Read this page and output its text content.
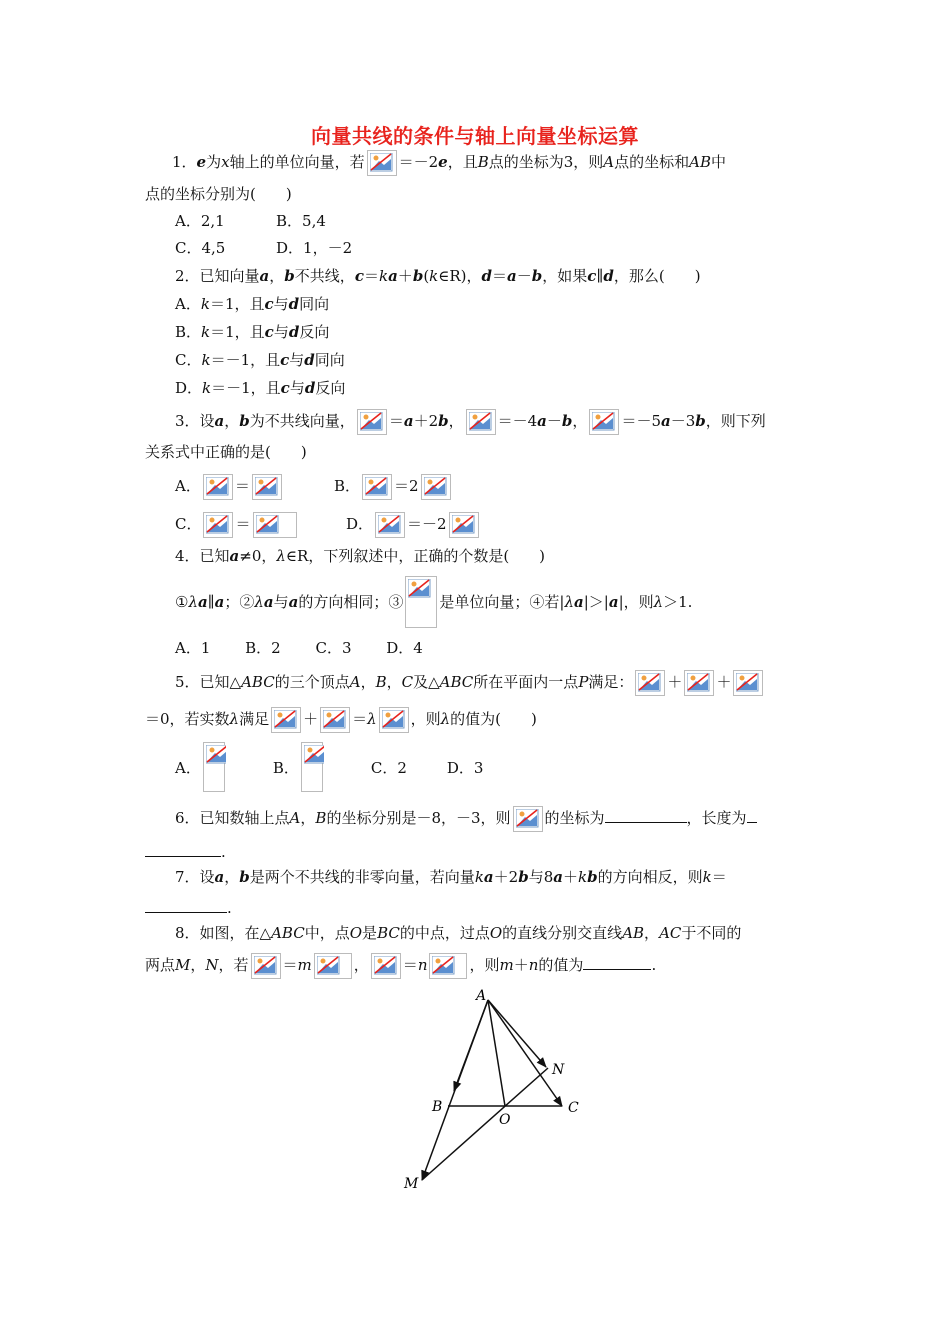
向量共线的条件与轴上向量坐标运算
1．e为x轴上的单位向量，若 ＝－2e，且B点的坐标为3，则A点的坐标和AB中
点的坐标分别为(　　)
A．2,1	B．5,4
C．4,5	D．1，－2
2．已知向量a，b不共线，c＝ka＋b(k∈R)，d＝a－b，如果c∥d，那么(　　)
A．k＝1，且c与d同向
B．k＝1，且c与d反向
C．k＝－1，且c与d同向
D．k＝－1，且c与d反向
3．设a，b为不共线向量， ＝a＋2b， ＝－4a－b， ＝－5a－3b，则下列
关系式中正确的是(　　)
A． ＝	B． ＝2
C． ＝	D． ＝－2
4．已知a≠0，λ∈R，下列叙述中，正确的个数是(　　)
①λa∥a；②λa与a的方向相同；③ 是单位向量；④若|λa|＞|a|，则λ＞1.
A．1　　 B．2　　 C．3　　 D．4
5．已知△ABC的三个顶点A，B，C及△ABC所在平面内一点P满足： ＋ ＋
＝0，若实数λ满足 ＋ ＝λ ，则λ的值为(　　)
A．	B．	C．2	D．3
6．已知数轴上点A，B的坐标分别是－8，－3，则 的坐标为	，长度为
.
7．设a，b是两个不共线的非零向量，若向量ka＋2b与8a＋kb的方向相反，则k＝
.
8．如图，在△ABC中，点O是BC的中点，过点O的直线分别交直线AB，AC于不同的
两点M，N，若 ＝m	， ＝n	，则m＋n的值为	.
A
B	C
N
O
M
